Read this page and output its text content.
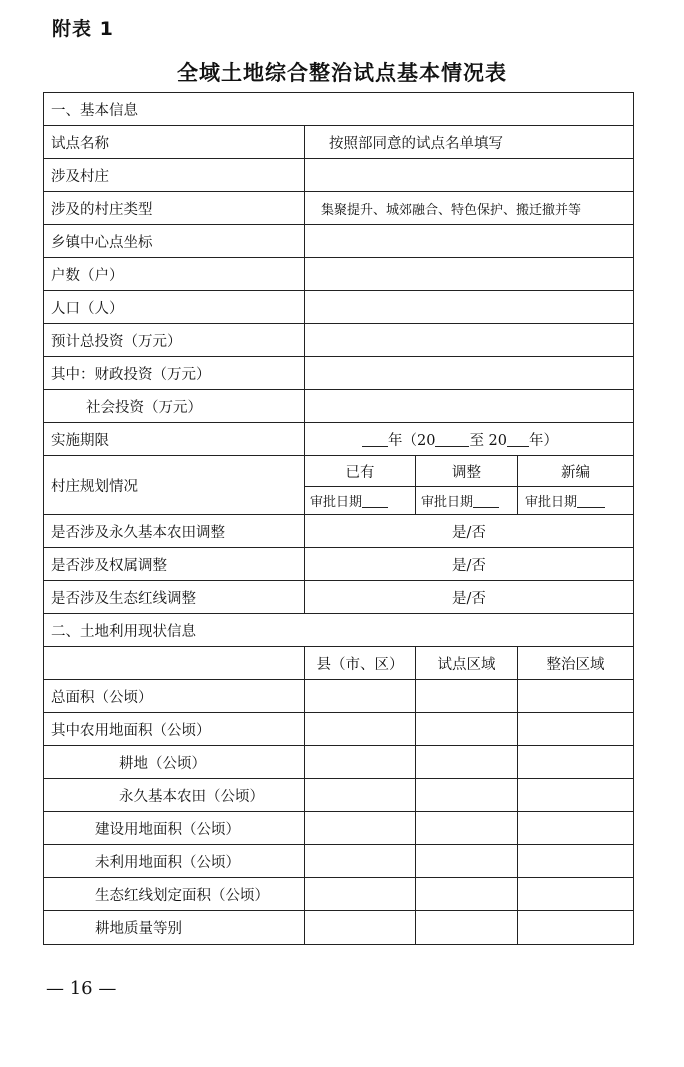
附表 1
全域土地综合整治试点基本情况表
一、基本信息			
试点名称	按照部同意的试点名单填写		
涉及村庄			
涉及的村庄类型	集聚提升、城郊融合、特色保护、搬迁撤并等		
乡镇中心点坐标			
户数（户）			
人口（人）			
预计总投资（万元）			
其中：财政投资（万元）			
社会投资（万元）			
实施期限	年（20 至 20 年）		
村庄规划情况	已有	调整	新编
	审批日期	审批日期	审批日期
是否涉及永久基本农田调整	是/否		
是否涉及权属调整	是/否		
是否涉及生态红线调整	是/否		
二、土地利用现状信息			
	县（市、区）	试点区域	整治区域
总面积（公顷）			
其中农用地面积（公顷）			
耕地（公顷）			
永久基本农田（公顷）			
建设用地面积（公顷）			
未利用地面积（公顷）			
生态红线划定面积（公顷）			
耕地质量等别			
— 16 —
